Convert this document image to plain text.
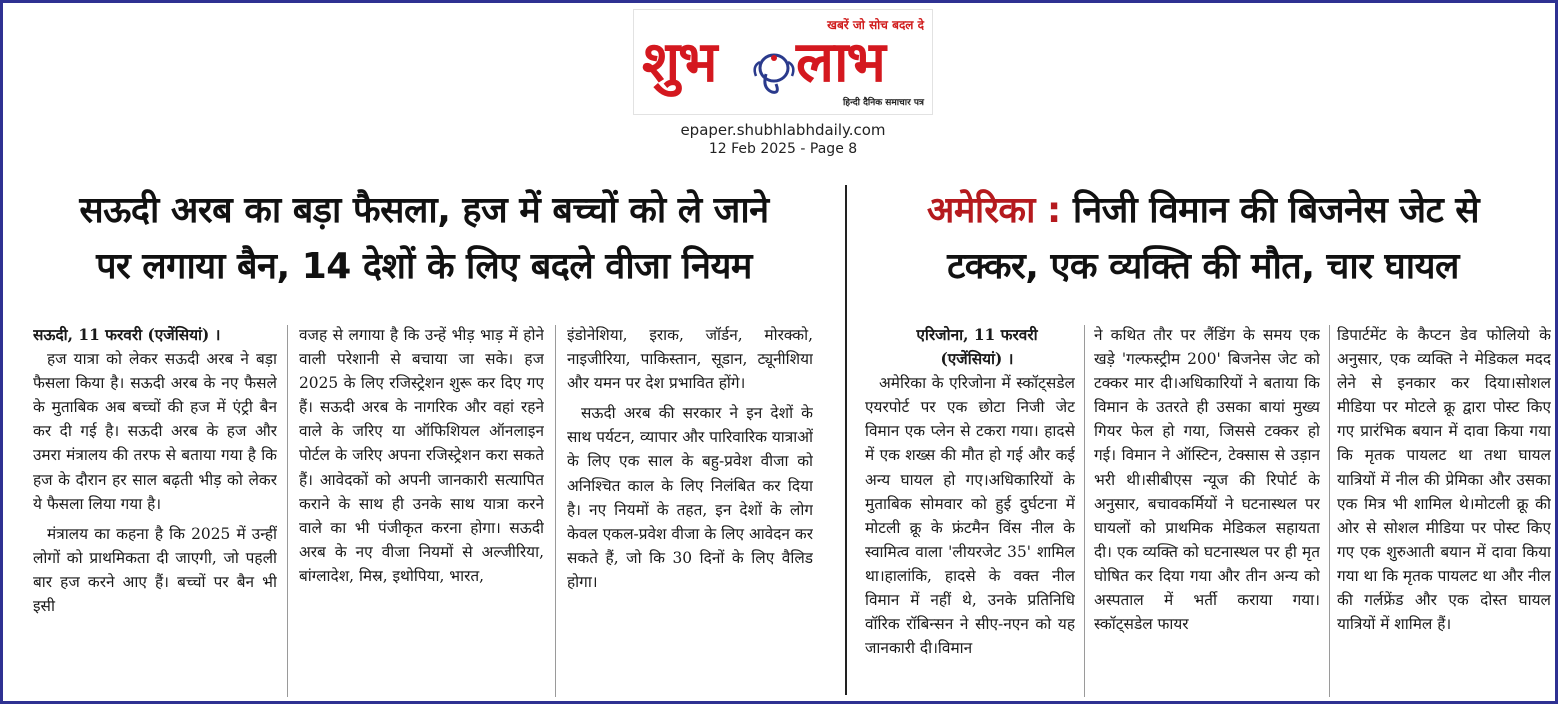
खबरें जो सोच बदल दे
शुभ लाभ
हिन्दी दैनिक समाचार पत्र
epaper.shubhlabhdaily.com
12 Feb 2025 - Page 8
सऊदी अरब का बड़ा फैसला, हज में बच्चों को ले जाने
पर लगाया बैन, 14 देशों के लिए बदले वीजा नियम

सऊदी, 11 फरवरी (एजेंसियां) ।

हज यात्रा को लेकर सऊदी अरब ने बड़ा फैसला किया है। सऊदी अरब के नए फैसले के मुताबिक अब बच्चों की हज में एंट्री बैन कर दी गई है। सऊदी अरब के हज और उमरा मंत्रालय की तरफ से बताया गया है कि हज के दौरान हर साल बढ़ती भीड़ को लेकर ये फैसला लिया गया है।

मंत्रालय का कहना है कि 2025 में उन्हीं लोगों को प्राथमिकता दी जाएगी, जो पहली बार हज करने आए हैं। बच्चों पर बैन भी इसी

वजह से लगाया है कि उन्हें भीड़ भाड़ में होने वाली परेशानी से बचाया जा सके। हज 2025 के लिए रजिस्ट्रेशन शुरू कर दिए गए हैं। सऊदी अरब के नागरिक और वहां रहने वाले के जरिए या ऑफिशियल ऑनलाइन पोर्टल के जरिए अपना रजिस्ट्रेशन करा सकते हैं। आवेदकों को अपनी जानकारी सत्यापित कराने के साथ ही उनके साथ यात्रा करने वाले का भी पंजीकृत करना होगा। सऊदी अरब के नए वीजा नियमों से अल्जीरिया, बांग्लादेश, मिस्र, इथोपिया, भारत,

इंडोनेशिया, इराक, जॉर्डन, मोरक्को, नाइजीरिया, पाकिस्तान, सूडान, ट्यूनीशिया और यमन पर देश प्रभावित होंगे।

सऊदी अरब की सरकार ने इन देशों के साथ पर्यटन, व्यापार और पारिवारिक यात्राओं के लिए एक साल के बहु-प्रवेश वीजा को अनिश्चित काल के लिए निलंबित कर दिया है। नए नियमों के तहत, इन देशों के लोग केवल एकल-प्रवेश वीजा के लिए आवेदन कर सकते हैं, जो कि 30 दिनों के लिए वैलिड होगा।

अमेरिका : निजी विमान की बिजनेस जेट से
टक्कर, एक व्यक्ति की मौत, चार घायल

एरिजोना, 11 फरवरी

(एजेंसियां) ।

अमेरिका के एरिजोना में स्कॉट्सडेल एयरपोर्ट पर एक छोटा निजी जेट विमान एक प्लेन से टकरा गया। हादसे में एक शख्स की मौत हो गई और कई अन्य घायल हो गए।अधिकारियों के मुताबिक सोमवार को हुई दुर्घटना में मोटली क्रू के फ्रंटमैन विंस नील के स्वामित्व वाला 'लीयरजेट 35' शामिल था।हालांकि, हादसे के वक्त नील विमान में नहीं थे, उनके प्रतिनिधि वॉरिक रॉबिन्सन ने सीए-नएन को यह जानकारी दी।विमान

ने कथित तौर पर लैंडिंग के समय एक खड़े 'गल्फस्ट्रीम 200' बिजनेस जेट को टक्कर मार दी।अधिकारियों ने बताया कि विमान के उतरते ही उसका बायां मुख्य गियर फेल हो गया, जिससे टक्कर हो गई। विमान ने ऑस्टिन, टेक्सास से उड़ान भरी थी।सीबीएस न्यूज की रिपोर्ट के अनुसार, बचावकर्मियों ने घटनास्थल पर घायलों को प्राथमिक मेडिकल सहायता दी। एक व्यक्ति को घटनास्थल पर ही मृत घोषित कर दिया गया और तीन अन्य को अस्पताल में भर्ती कराया गया। स्कॉट्सडेल फायर

डिपार्टमेंट के कैप्टन डेव फोलियो के अनुसार, एक व्यक्ति ने मेडिकल मदद लेने से इनकार कर दिया।सोशल मीडिया पर मोटले क्रू द्वारा पोस्ट किए गए प्रारंभिक बयान में दावा किया गया कि मृतक पायलट था तथा घायल यात्रियों में नील की प्रेमिका और उसका एक मित्र भी शामिल थे।मोटली क्रू की ओर से सोशल मीडिया पर पोस्ट किए गए एक शुरुआती बयान में दावा किया गया था कि मृतक पायलट था और नील की गर्लफ्रेंड और एक दोस्त घायल यात्रियों में शामिल हैं।
